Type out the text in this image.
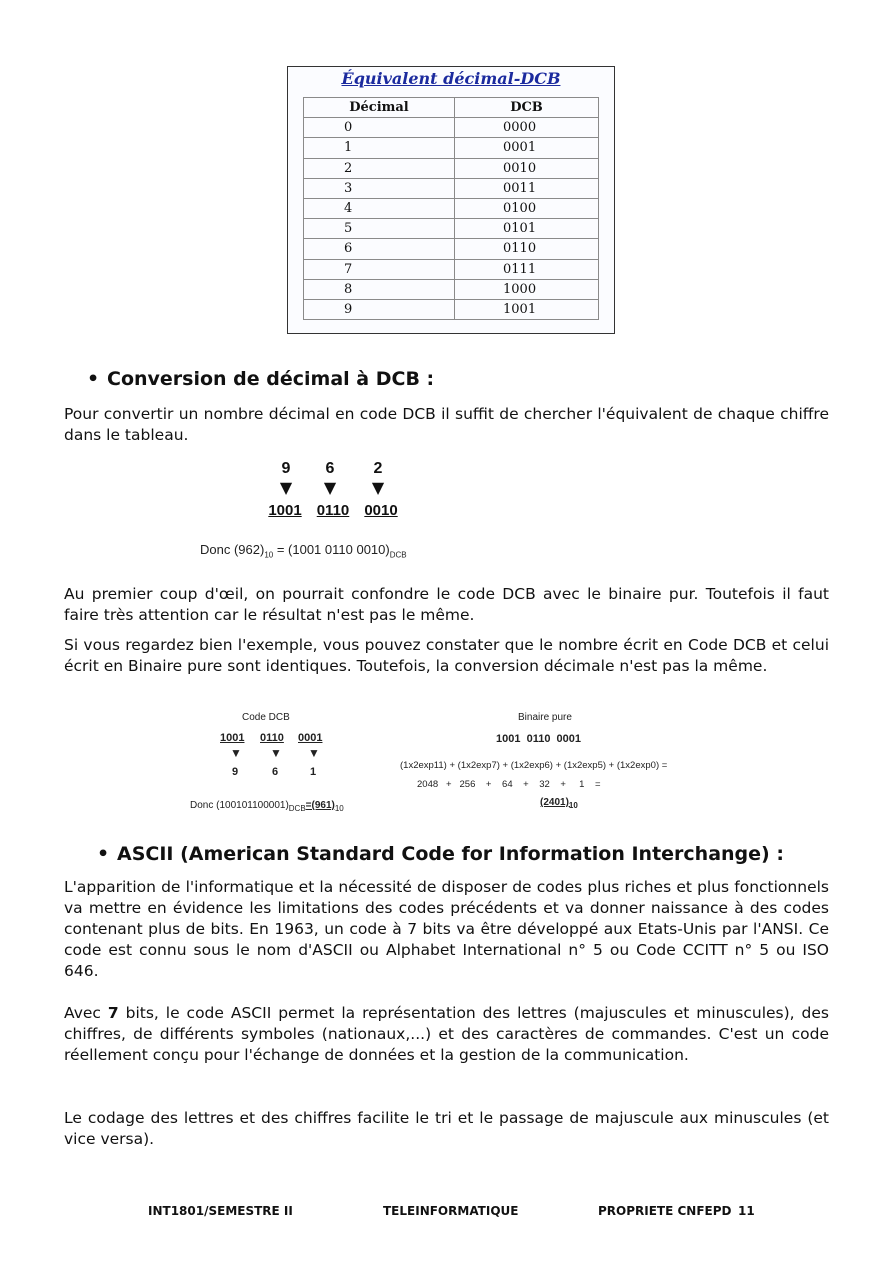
Équivalent décimal-DCB
Décimal	DCB
0	0000
1	0001
2	0010
3	0011
4	0100
5	0101
6	0110
7	0111
8	1000
9	1001
• Conversion de décimal à DCB :
Pour convertir un nombre décimal en code DCB il suffit de chercher l'équivalent de chaque chiffre dans le tableau.
9	6	2
▼	▼	▼
1001	0110	0010
Donc $(962)_{10} = (1001$ 0110 $0010)_{DCB}$
Au premier coup d'œil, on pourrait confondre le code DCB avec le binaire pur. Toutefois il faut faire très attention car le résultat n'est pas le même.
Si vous regardez bien l'exemple, vous pouvez constater que le nombre écrit en Code DCB et celui écrit en Binaire pure sont identiques. Toutefois, la conversion décimale n'est pas la même.
Code DCB
1001 0110 0001
▼ ▼ ▼
9	6	1
Donc $(100101100001)_{DCB}=(961)_{10}$
Binaire pure
1001  0110  0001
(1x2exp11) + (1x2exp7) + (1x2exp6) + (1x2exp5) + (1x2exp0) =
2048   +   256    +    64    +    32    +     1    =
$(2401)_{10}$
• ASCII (American Standard Code for Information Interchange) :
L'apparition de l'informatique et la nécessité de disposer de codes plus riches et plus fonctionnels va mettre en évidence les limitations des codes précédents et va donner naissance à des codes contenant plus de bits. En 1963, un code à 7 bits va être développé aux Etats-Unis par l'ANSI. Ce code est connu sous le nom d'ASCII ou Alphabet International n° 5 ou Code CCITT n° 5 ou ISO 646.
Avec 7 bits, le code ASCII permet la représentation des lettres (majuscules et minuscules), des chiffres, de différents symboles (nationaux,...) et des caractères de commandes. C'est un code réellement conçu pour l'échange de données et la gestion de la communication.
Le codage des lettres et des chiffres facilite le tri et le passage de majuscule aux minuscules (et vice versa).
INT1801/SEMESTRE II	TELEINFORMATIQUE	PROPRIETE CNFEPD 11
